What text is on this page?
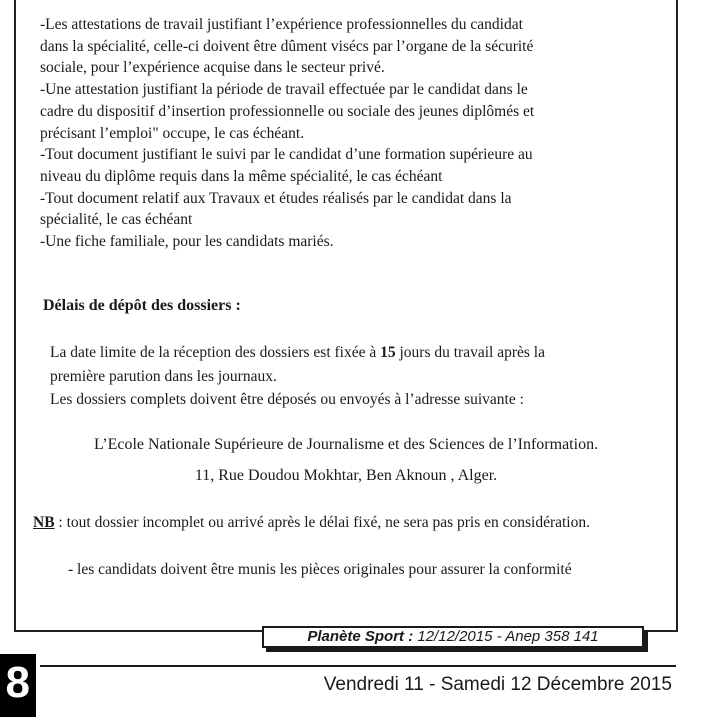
-Les attestations de travail justifiant l’expérience professionnelles du candidat

dans la spécialité, celle-ci doivent être dûment visécs par l’organe de la sécurité

sociale, pour l’expérience acquise dans le secteur privé.

-Une attestation justifiant la période de travail effectuée par le candidat dans le

cadre du dispositif d’insertion professionnelle ou sociale des jeunes diplômés et

précisant l’emploi" occupe, le cas échéant.

-Tout document justifiant le suivi par le candidat d’une formation supérieure au

niveau du diplôme requis dans la même spécialité, le cas échéant

-Tout document relatif aux Travaux et études réalisés par le candidat dans la

spécialité, le cas échéant

-Une fiche familiale, pour les candidats mariés.

Délais de dépôt des dossiers :

La date limite de la réception des dossiers est fixée à 15 jours du travail après la

première parution dans les journaux.

Les dossiers complets doivent être déposés ou envoyés à l’adresse suivante :

L’Ecole Nationale Supérieure de Journalisme et des Sciences de l’Information.
11, Rue Doudou Mokhtar, Ben Aknoun , Alger.
NB : tout dossier incomplet ou arrivé après le délai fixé, ne sera pas pris en considération.
- les candidats doivent être munis les pièces originales pour assurer la conformité
Planète Sport : 12/12/2015 - Anep 358 141
8	Vendredi 11 - Samedi 12 Décembre 2015
